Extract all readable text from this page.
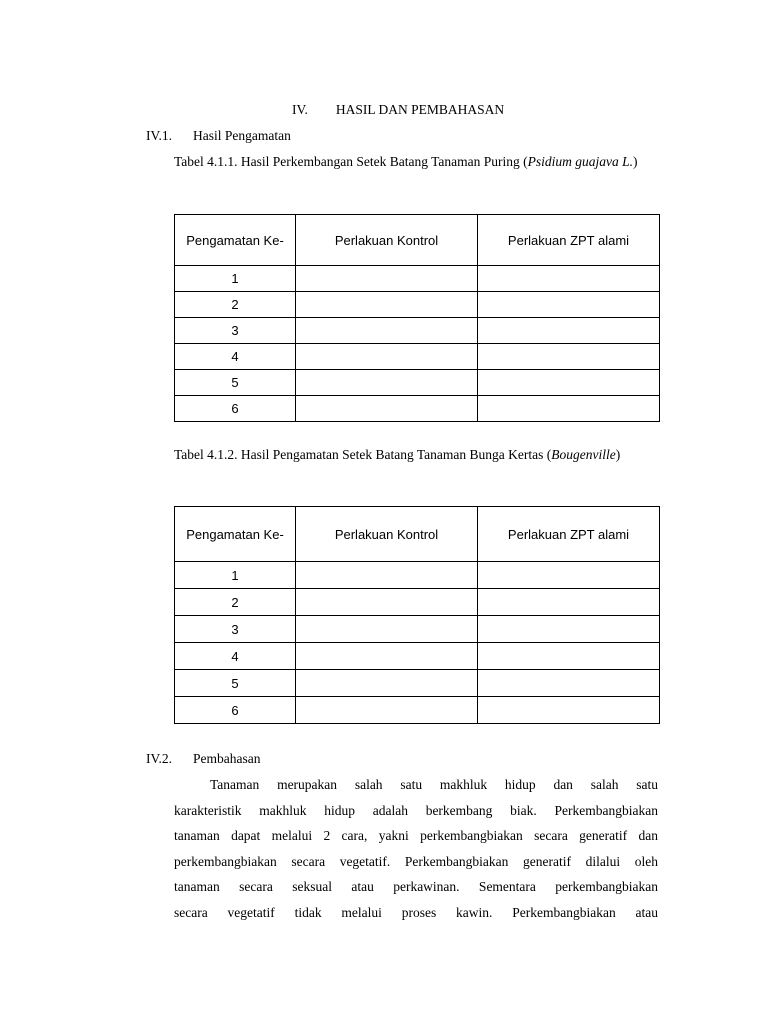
IV. HASIL DAN PEMBAHASAN
IV.1.	Hasil Pengamatan
Tabel 4.1.1. Hasil Perkembangan Setek Batang Tanaman Puring (Psidium guajava L.)
Pengamatan Ke-	Perlakuan Kontrol	Perlakuan ZPT alami
1		
2		
3		
4		
5		
6		
Tabel 4.1.2. Hasil Pengamatan Setek Batang Tanaman Bunga Kertas (Bougenville)
Pengamatan Ke-	Perlakuan Kontrol	Perlakuan ZPT alami
1		
2		
3		
4		
5		
6		
IV.2.	Pembahasan

Tanaman merupakan salah satu makhluk hidup dan salah satu

karakteristik makhluk hidup adalah berkembang biak. Perkembangbiakan

tanaman dapat melalui 2 cara, yakni perkembangbiakan secara generatif dan

perkembangbiakan secara vegetatif. Perkembangbiakan generatif dilalui oleh

tanaman secara seksual atau perkawinan. Sementara perkembangbiakan

secara vegetatif tidak melalui proses kawin. Perkembangbiakan atau
